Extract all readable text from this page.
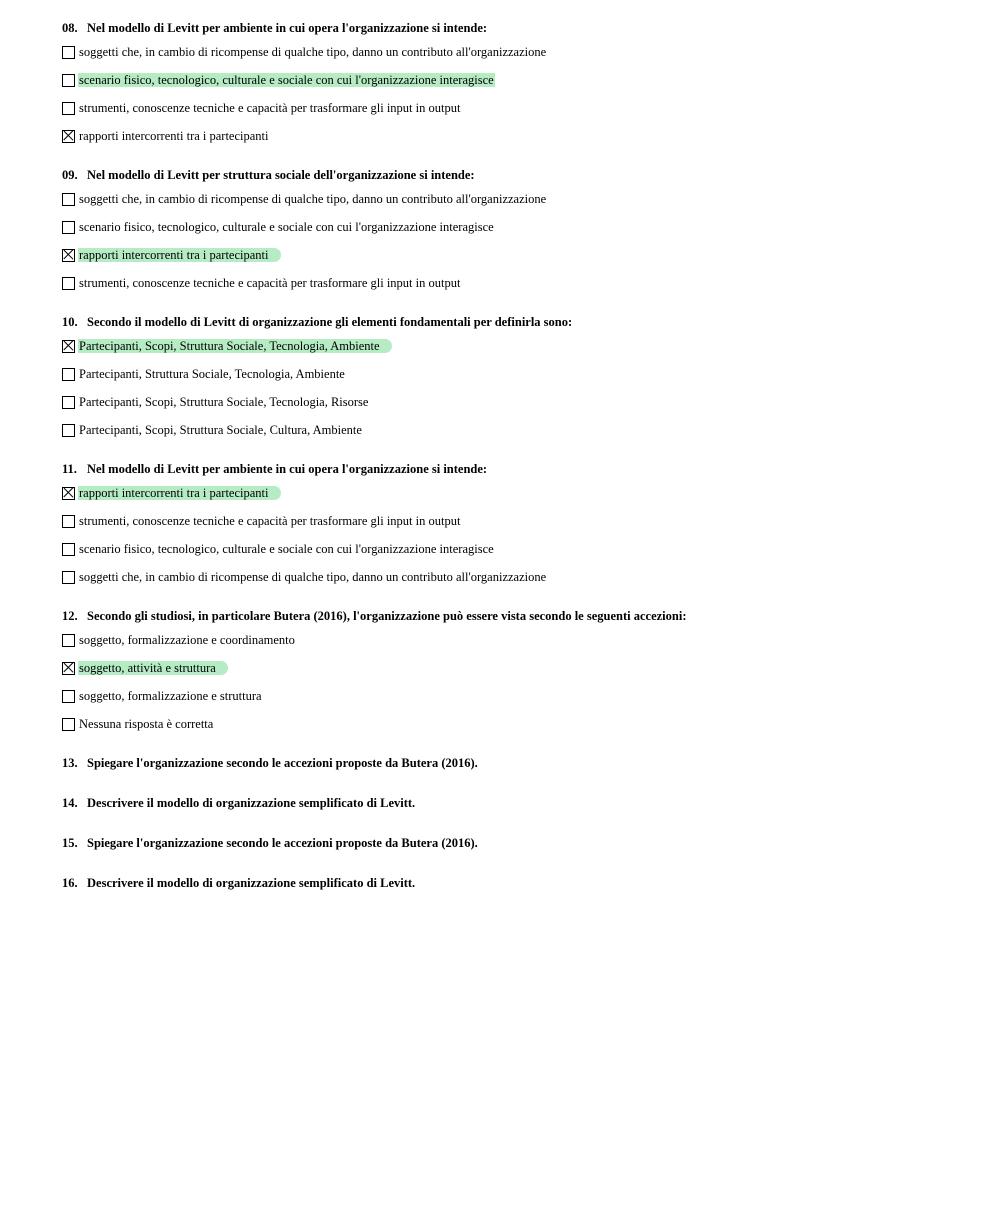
08. Nel modello di Levitt per ambiente in cui opera l'organizzazione si intende:
soggetti che, in cambio di ricompense di qualche tipo, danno un contributo all'organizzazione
scenario fisico, tecnologico, culturale e sociale con cui l'organizzazione interagisce
strumenti, conoscenze tecniche e capacità per trasformare gli input in output
rapporti intercorrenti tra i partecipanti
09. Nel modello di Levitt per struttura sociale dell'organizzazione si intende:
soggetti che, in cambio di ricompense di qualche tipo, danno un contributo all'organizzazione
scenario fisico, tecnologico, culturale e sociale con cui l'organizzazione interagisce
rapporti intercorrenti tra i partecipanti
strumenti, conoscenze tecniche e capacità per trasformare gli input in output
10. Secondo il modello di Levitt di organizzazione gli elementi fondamentali per definirla sono:
Partecipanti, Scopi, Struttura Sociale, Tecnologia, Ambiente
Partecipanti, Struttura Sociale, Tecnologia, Ambiente
Partecipanti, Scopi, Struttura Sociale, Tecnologia, Risorse
Partecipanti, Scopi, Struttura Sociale, Cultura, Ambiente
11. Nel modello di Levitt per ambiente in cui opera l'organizzazione si intende:
rapporti intercorrenti tra i partecipanti
strumenti, conoscenze tecniche e capacità per trasformare gli input in output
scenario fisico, tecnologico, culturale e sociale con cui l'organizzazione interagisce
soggetti che, in cambio di ricompense di qualche tipo, danno un contributo all'organizzazione
12. Secondo gli studiosi, in particolare Butera (2016), l'organizzazione può essere vista secondo le seguenti accezioni:
soggetto, formalizzazione e coordinamento
soggetto, attività e struttura
soggetto, formalizzazione e struttura
Nessuna risposta è corretta
13. Spiegare l'organizzazione secondo le accezioni proposte da Butera (2016).
14. Descrivere il modello di organizzazione semplificato di Levitt.
15. Spiegare l'organizzazione secondo le accezioni proposte da Butera (2016).
16. Descrivere il modello di organizzazione semplificato di Levitt.
